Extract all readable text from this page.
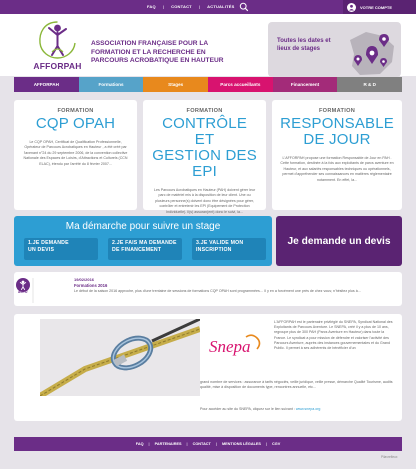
FAQ | CONTACT | ACTUALITÉS	VOTRE COMPTE
AFFORPAH
ASSOCIATION FRANÇAISE POUR LA
FORMATION ET LA RECHERCHE EN
PARCOURS ACROBATIQUE EN HAUTEUR
Toutes les dates et
lieux de stages
AFFORPAH	Formations	Stages	Parcs accueillants	Financement	R & D
FORMATION
CQP OPAH
Le CQP OPAH, Certificat de Qualification Professionnelle, Opérateur de Parcours Acrobatiques en Hauteur , a été créé par l'avenant n°24 du 29 septembre 2006, de la convention collective Nationale des Espaces de Loisirs, d'Attractions et Culturels (CCN ELAC), étendu par l'arrêté du 8 février 2007...
FORMATION
CONTRÔLE ET
GESTION DES EPI
Les Parcours Acrobatiques en Hauteur (PAH) doivent gérer leur parc de matériel mis à la disposition de leur client. Une ou plusieurs personne(s) doivent donc être désignées pour gérer, contrôler et entretenir les EPI (Equipement de Protection Individuelle). Il(s) assuran(ent) donc le suivi, la...
FORMATION
RESPONSABLE
DE JOUR
L'AFFORPAH propose une formation Responsable de Jour en PAH . Cette formation, destinée à la fois aux exploitants de parcs aventure en Hauteur, et aux salariés responsables techniques ou opérationnels, permet d'appréhender ses connaissances en matières réglementaire notamment. En effet, la...
Ma démarche pour suivre un stage
1.JE DEMANDE
UN DEVIS
2.JE FAIS MA DEMANDE
DE FINANCEMENT
3.JE VALIDE MON
INSCRIPTION
Je demande un devis
ACTU
19/02/2016
Formations 2016
Le début de la saison 2016 approche, plus d'une trentaine de sessions de formations CQP OPAH sont programmées… Il y en a forcément une près de chez vous; n'hésitez plus à...
Snepa
L'AFFORPAH est le partenaire privilégié du SNEPA, Syndicat National des Exploitants de Parcours Aventure. Le SNEPA, créé il y a plus de 10 ans, regroupe plus de 300 PAH (Parcs Aventure en Hauteur) dans toute la France. Le syndicat a pour mission de défendre et valoriser l'activité des Parcours Aventure, auprès des instances gouvernementales et du Grand Public. Il permet à ses adhérents de bénéficier d'un
grand nombre de services : assurance à tarifs négociés, veille juridique, veille presse, démarche Qualité Tourisme, audits qualité, mise à disposition de documents type, rencontres annuelle, etc...
Pour accéder au site du SNEPA, cliquez sur le lien suivant : www.snepa.org
FAQ | PARTENAIRES | CONTACT | MENTIONS LÉGALES | CGV
Pilavrefleux
